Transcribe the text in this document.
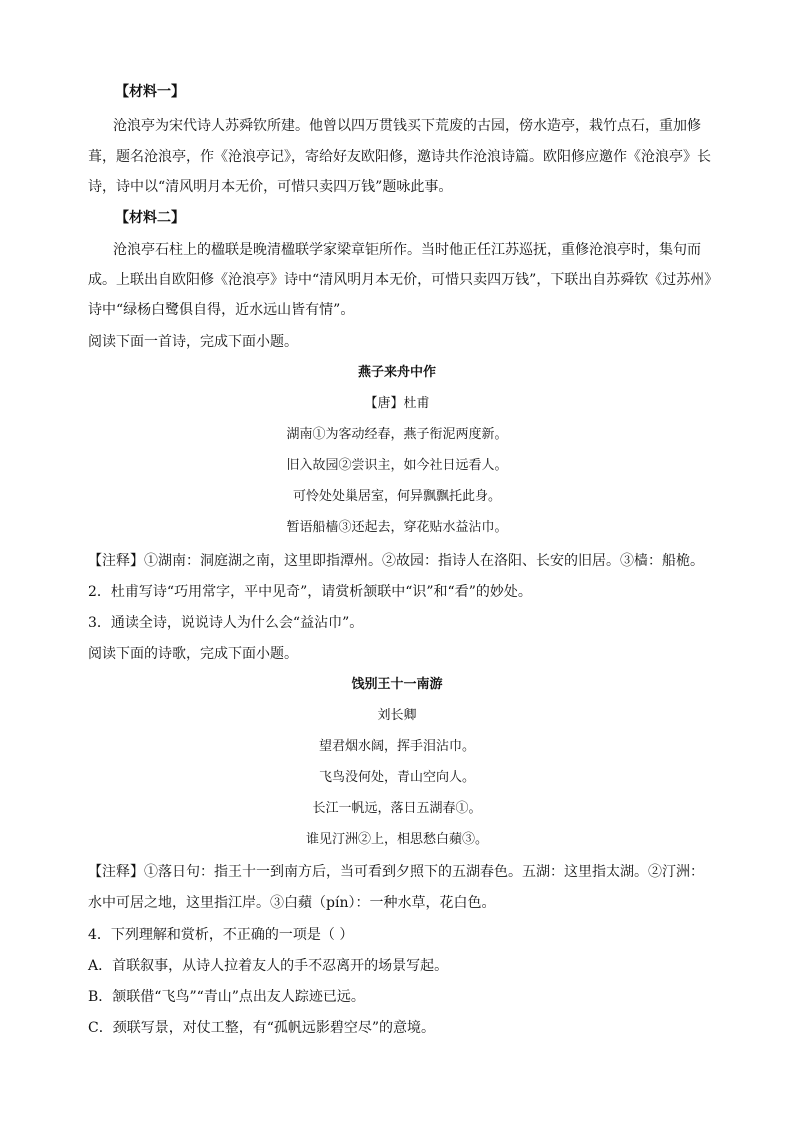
【材料一】
沧浪亭为宋代诗人苏舜钦所建。他曾以四万贯钱买下荒废的古园，傍水造亭，栽竹点石，重加修
葺，题名沧浪亭，作《沧浪亭记》，寄给好友欧阳修，邀诗共作沧浪诗篇。欧阳修应邀作《沧浪亭》长
诗，诗中以“清风明月本无价，可惜只卖四万钱”题咏此事。
【材料二】
沧浪亭石柱上的楹联是晚清楹联学家梁章钜所作。当时他正任江苏巡抚，重修沧浪亭时，集句而
成。上联出自欧阳修《沧浪亭》诗中“清风明月本无价，可惜只卖四万钱”，下联出自苏舜钦《过苏州》
诗中“绿杨白鹭俱自得，近水远山皆有情”。
阅读下面一首诗，完成下面小题。
燕子来舟中作
【唐】杜甫
湖南①为客动经春，燕子衔泥两度新。
旧入故园②尝识主，如今社日远看人。
可怜处处巢居室，何异飘飘托此身。
暂语船樯③还起去，穿花贴水益沾巾。
【注释】①湖南：洞庭湖之南，这里即指潭州。②故园：指诗人在洛阳、长安的旧居。③樯：船桅。
2．杜甫写诗“巧用常字，平中见奇”，请赏析颔联中“识”和“看”的妙处。
3．通读全诗，说说诗人为什么会“益沾巾”。
阅读下面的诗歌，完成下面小题。
饯别王十一南游
刘长卿
望君烟水阔，挥手泪沾巾。
飞鸟没何处，青山空向人。
长江一帆远，落日五湖春①。
谁见汀洲②上，相思愁白蘋③。
【注释】①落日句：指王十一到南方后，当可看到夕照下的五湖春色。五湖：这里指太湖。②汀洲：
水中可居之地，这里指江岸。③白蘋（pín）：一种水草，花白色。
4．下列理解和赏析，不正确的一项是（ ）
A．首联叙事，从诗人拉着友人的手不忍离开的场景写起。
B．颔联借“飞鸟”“青山”点出友人踪迹已远。
C．颈联写景，对仗工整，有“孤帆远影碧空尽”的意境。
